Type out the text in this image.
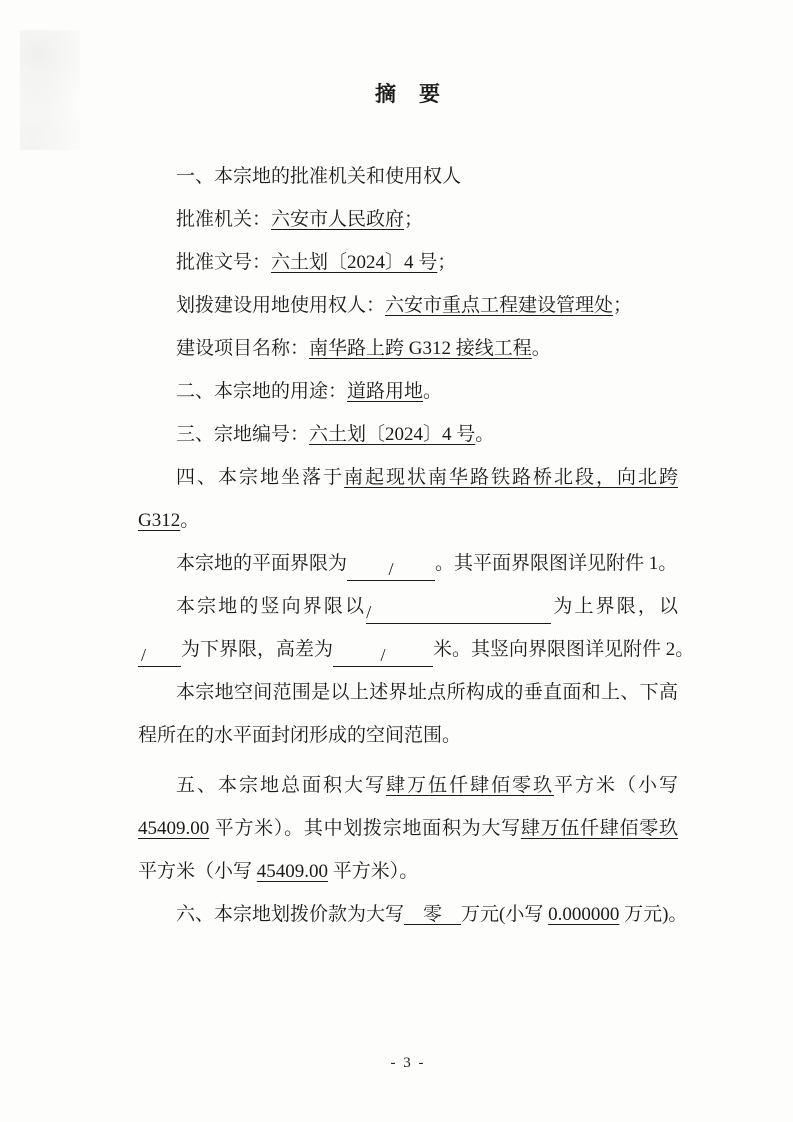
摘　要
一、本宗地的批准机关和使用权人
批准机关：六安市人民政府；
批准文号：六土划〔2024〕4 号；
划拨建设用地使用权人：六安市重点工程建设管理处；
建设项目名称：南华路上跨 G312 接线工程。
二、本宗地的用途：道路用地。
三、宗地编号：六土划〔2024〕4 号。
四、本宗地坐落于南起现状南华路铁路桥北段，向北跨
G312。
本宗地的平面界限为 / 。其平面界限图详见附件 1。
本宗地的竖向界限以/	为上界限，以
/ 为下界限，高差为	/	米。其竖向界限图详见附件 2。
本宗地空间范围是以上述界址点所构成的垂直面和上、下高
程所在的水平面封闭形成的空间范围。
五、本宗地总面积大写肆万伍仟肆佰零玖平方米（小写
45409.00 平方米）。其中划拨宗地面积为大写肆万伍仟肆佰零玖
平方米（小写 45409.00 平方米）。
六、本宗地划拨价款为大写　零　万元(小写 0.000000 万元)。
- 3 -
